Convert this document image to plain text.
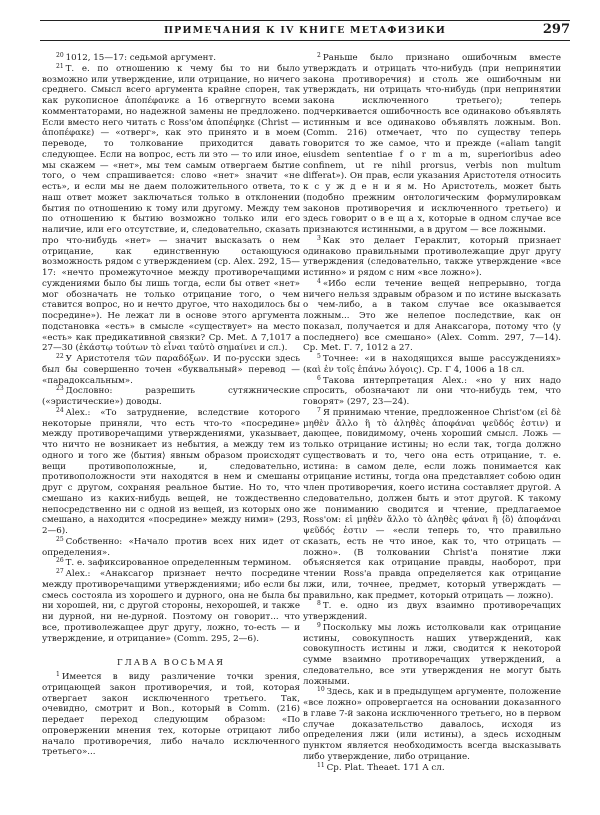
ПРИМЕЧАНИЯ К IV КНИГЕ МЕТАФИЗИКИ	297

$^{20}$ 1012, 15—17: седьмой аргумент.

$^{21}$ Т. е. по отношению к чему бы то ни было возможно или утверждение, или отрицание, но ничего среднего. Смысл всего аргумента крайне спорен, так как рукописное ἀποπέφανκε a 16 отвергнуто всеми комментаторами, но надежной замены не предложено. Если вместо него читать с Ross'ом ἀποπέφηκε (Christ — ἀποπέφακε) — «отверг», как это принято и в моем переводе, то толкование приходится давать следующее. Если на вопрос, есть ли это — то или иное, мы скажем — «нет», мы тем самым отвергаем бытие того, о чем спрашивается: слово «нет» значит «не есть», и если мы не даем положительного ответа, то наш ответ может заключаться только в отклонении бытия по отношению к тому или другому. Между тем по отношению к бытию возможно только или его наличие, или его отсутствие, и, следовательно, сказать про что-нибудь «нет» — значит высказать о нем отрицание, как единственную остающуюся возможность рядом с утверждением (ср. Alex. 292, 15—17: «нечто промежуточное между противоречащими суждениями было бы лишь тогда, если бы ответ «нет» мог обозначать не только отрицание того, о чем ставится вопрос, но и нечто другое, что находилось бы посредине»). Не лежат ли в основе этого аргумента подстановка «есть» в смысле «существует» на место «есть» как предикативной связки? Ср. Met. Δ 7,1017 a 27—30 (ἑκάστῳ τούτων τὸ εἶναι ταὐτὸ σημαίνει и сл.).

$^{22}$ У Аристотеля τῶν παραδόξων. И по-русски здесь был бы совершенно точен «буквальный» перевод — «парадоксальным».

$^{23}$ Дословно: разрешить сутяжнические («эристические») доводы.

$^{24}$ Alex.: «То затруднение, вследствие которого некоторые приняли, что есть что-то «посредине» между противоречащими утверждениями, указывает, что ничто не возникает из небытия, а между тем из одного и того же ⟨бытия⟩ явным образом происходят вещи противоположные, и, следовательно, противоположности эти находятся в нем и смешаны друг с другом, сохраняя реальное бытие. Но то, что смешано из каких-нибудь вещей, не тождественно непосредственно ни с одной из вещей, из которых оно смешано, а находится «посредине» между ними» (293, 2—6).

$^{25}$ Собственно: «Начало против всех них идет от определения».

$^{26}$ Т. е. зафиксированное определенным термином.

$^{27}$ Alex.: «Анаксагор признает нечто посредине между противоречащими утверждениями; ибо если бы смесь состояла из хорошего и дурного, она не была бы ни хорошей, ни, с другой стороны, нехорошей, и также ни дурной, ни не-дурной. Поэтому он говорит... что все, противолежащее друг другу, ложно, то-есть — и утверждение, и отрицание» (Comm. 295, 2—6).

ГЛАВА ВОСЬМАЯ

$^1$ Имеется в виду различение точки зрения, отрицающей закон противоречия, и той, которая отвергает закон исключенного третьего. Так, очевидно, смотрит и Bon., который в Comm. (216) передает переход следующим образом: «По опровержении мнения тех, которые отрицают либо начало противоречия, либо начало исключенного третьего»...

$^2$ Раньше было признано ошибочным вместе утверждать и отрицать что-нибудь (при непринятии закона противоречия) и столь же ошибочным ни утверждать, ни отрицать что-нибудь (при непринятии закона исключенного третьего); теперь подчеркивается ошибочность все одинаково объявлять истинным и все одинаково объявлять ложным. Bon. (Comm. 216) отмечает, что по существу теперь говорится то же самое, что и прежде («aliam tangit eiusdem sententiae f o r m a m, superioribus adeo confinem, ut re nihil prorsus, verbis non multum differat»). Он прав, если указания Аристотеля относить к с у ж д е н и я м. Но Аристотель, может быть (подобно прежним онтологическим формулировкам законов противоречия и исключенного третьего) и здесь говорит о в е щ а х, которые в одном случае все признаются истинными, а в другом — все ложными.

$^3$ Как это делает Гераклит, который признает одинаково правильными противолежащие друг другу утверждения (следовательно, также утверждение «все истинно» и рядом с ним «все ложно»).

$^4$ «Ибо если течение вещей непрерывно, тогда ничего нельзя здравым образом и по истине высказать о чем-либо, а в таком случае все оказывается ложным... Это же нелепое последствие, как он показал, получается и для Анаксагора, потому что ⟨у последнего⟩ все смешано» (Alex. Comm. 297, 7—14). Ср. Met. Г. 7, 1012 a 27.

$^5$ Точнее: «и в находящихся выше рассуждениях» (καὶ ἐν τοῖς ἐπάνω λόγοις). Ср. Г 4, 1006 a 18 сл.

$^6$ Такова интерпретация Alex.: «но у них надо спросить, обозначают ли они что-нибудь тем, что говорят» (297, 23—24).

$^7$ Я принимаю чтение, предложенное Christ'ом (εἰ δὲ μηθὲν ἄλλο ἢ τὸ ἀληθὲς ἀποφάναι ψεῦδός ἐστιν) и дающее, повидимому, очень хороший смысл. Ложь — только отрицание истины; но если так, тогда должно существовать и то, чего она есть отрицание, т. е. истина: в самом деле, если ложь понимается как отрицание истины, тогда она представляет собою один член противоречия, коего истина составляет другой. А следовательно, должен быть и этот другой. К такому же пониманию сводится и чтение, предлагаемое Ross'ом: εἰ μηθὲν ἄλλο τὸ ἀληθὲς φάναι ἢ ⟨ὃ⟩ ἀποφάναι ψεῦδός ἐστιν — «если теперь то, что правильно сказать, есть не что иное, как то, что отрицать — ложно». (В толковании Christ'а понятие лжи объясняется как отрицание правды, наоборот, при чтении Ross'а правда определяется как отрицание лжи, или, точнее, предмет, который утверждать — правильно, как предмет, который отрицать — ложно).

$^8$ Т. е. одно из двух взаимно противоречащих утверждений.

$^9$ Поскольку мы ложь истолковали как отрицание истины, совокупность наших утверждений, как совокупность истины и лжи, сводится к некоторой сумме взаимно противоречащих утверждений, а следовательно, все эти утверждения не могут быть ложными.

$^{10}$ Здесь, как и в предыдущем аргументе, положение «все ложно» опровергается на основании доказанного в главе 7-й закона исключенного третьего, но в первом случае доказательство давалось, исходя из определения лжи (или истины), а здесь исходным пунктом является необходимость всегда высказывать либо утверждение, либо отрицание.

$^{11}$ Ср. Plat. Theaet. 171 A сл.
